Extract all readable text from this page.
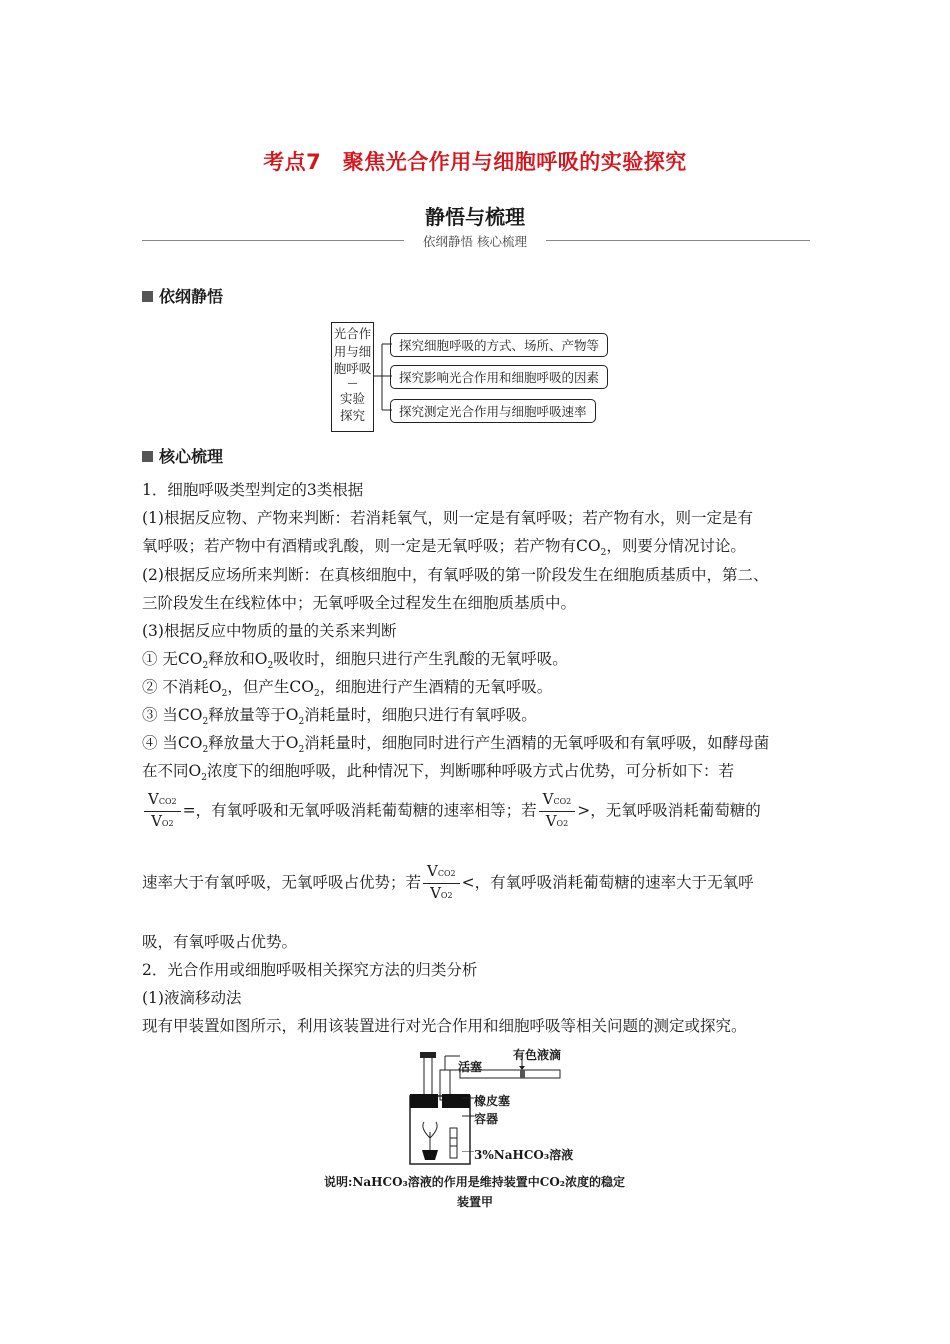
考点7　聚焦光合作用与细胞呼吸的实验探究
静悟与梳理
依纲静悟 核心梳理
依纲静悟
光合作
用与细
胞呼吸
—
实验
探究
探究细胞呼吸的方式、场所、产物等
探究影响光合作用和细胞呼吸的因素
探究测定光合作用与细胞呼吸速率
核心梳理
1．细胞呼吸类型判定的3类根据
(1)根据反应物、产物来判断：若消耗氧气，则一定是有氧呼吸；若产物有水，则一定是有
氧呼吸；若产物中有酒精或乳酸，则一定是无氧呼吸；若产物有$CO_2$，则要分情况讨论。
(2)根据反应场所来判断：在真核细胞中，有氧呼吸的第一阶段发生在细胞质基质中，第二、
三阶段发生在线粒体中；无氧呼吸全过程发生在细胞质基质中。
(3)根据反应中物质的量的关系来判断
① 无$CO_2$释放和$O_2$吸收时，细胞只进行产生乳酸的无氧呼吸。
② 不消耗$O_2$，但产生$CO_2$，细胞进行产生酒精的无氧呼吸。
③ 当$CO_2$释放量等于$O_2$消耗量时，细胞只进行有氧呼吸。
④ 当$CO_2$释放量大于$O_2$消耗量时，细胞同时进行产生酒精的无氧呼吸和有氧呼吸，如酵母菌
在不同$O_2$浓度下的细胞呼吸，此种情况下，判断哪种呼吸方式占优势，可分析如下：若
$\frac{\text{VCO2}}{VO2}$ =，有氧呼吸和无氧呼吸消耗葡萄糖的速率相等；若 $\frac{\text{VCO2}}{VO2}$ >，无氧呼吸消耗葡萄糖的
速率大于有氧呼吸，无氧呼吸占优势；若 $\frac{\text{VCO2}}{VO2}$ <，有氧呼吸消耗葡萄糖的速率大于无氧呼
吸，有氧呼吸占优势。
2．光合作用或细胞呼吸相关探究方法的归类分析
(1)液滴移动法
现有甲装置如图所示，利用该装置进行对光合作用和细胞呼吸等相关问题的测定或探究。
活塞
有色液滴
橡皮塞
容器
3%NaHCO₃溶液
说明:NaHCO₃溶液的作用是维持装置中CO₂浓度的稳定
装置甲
